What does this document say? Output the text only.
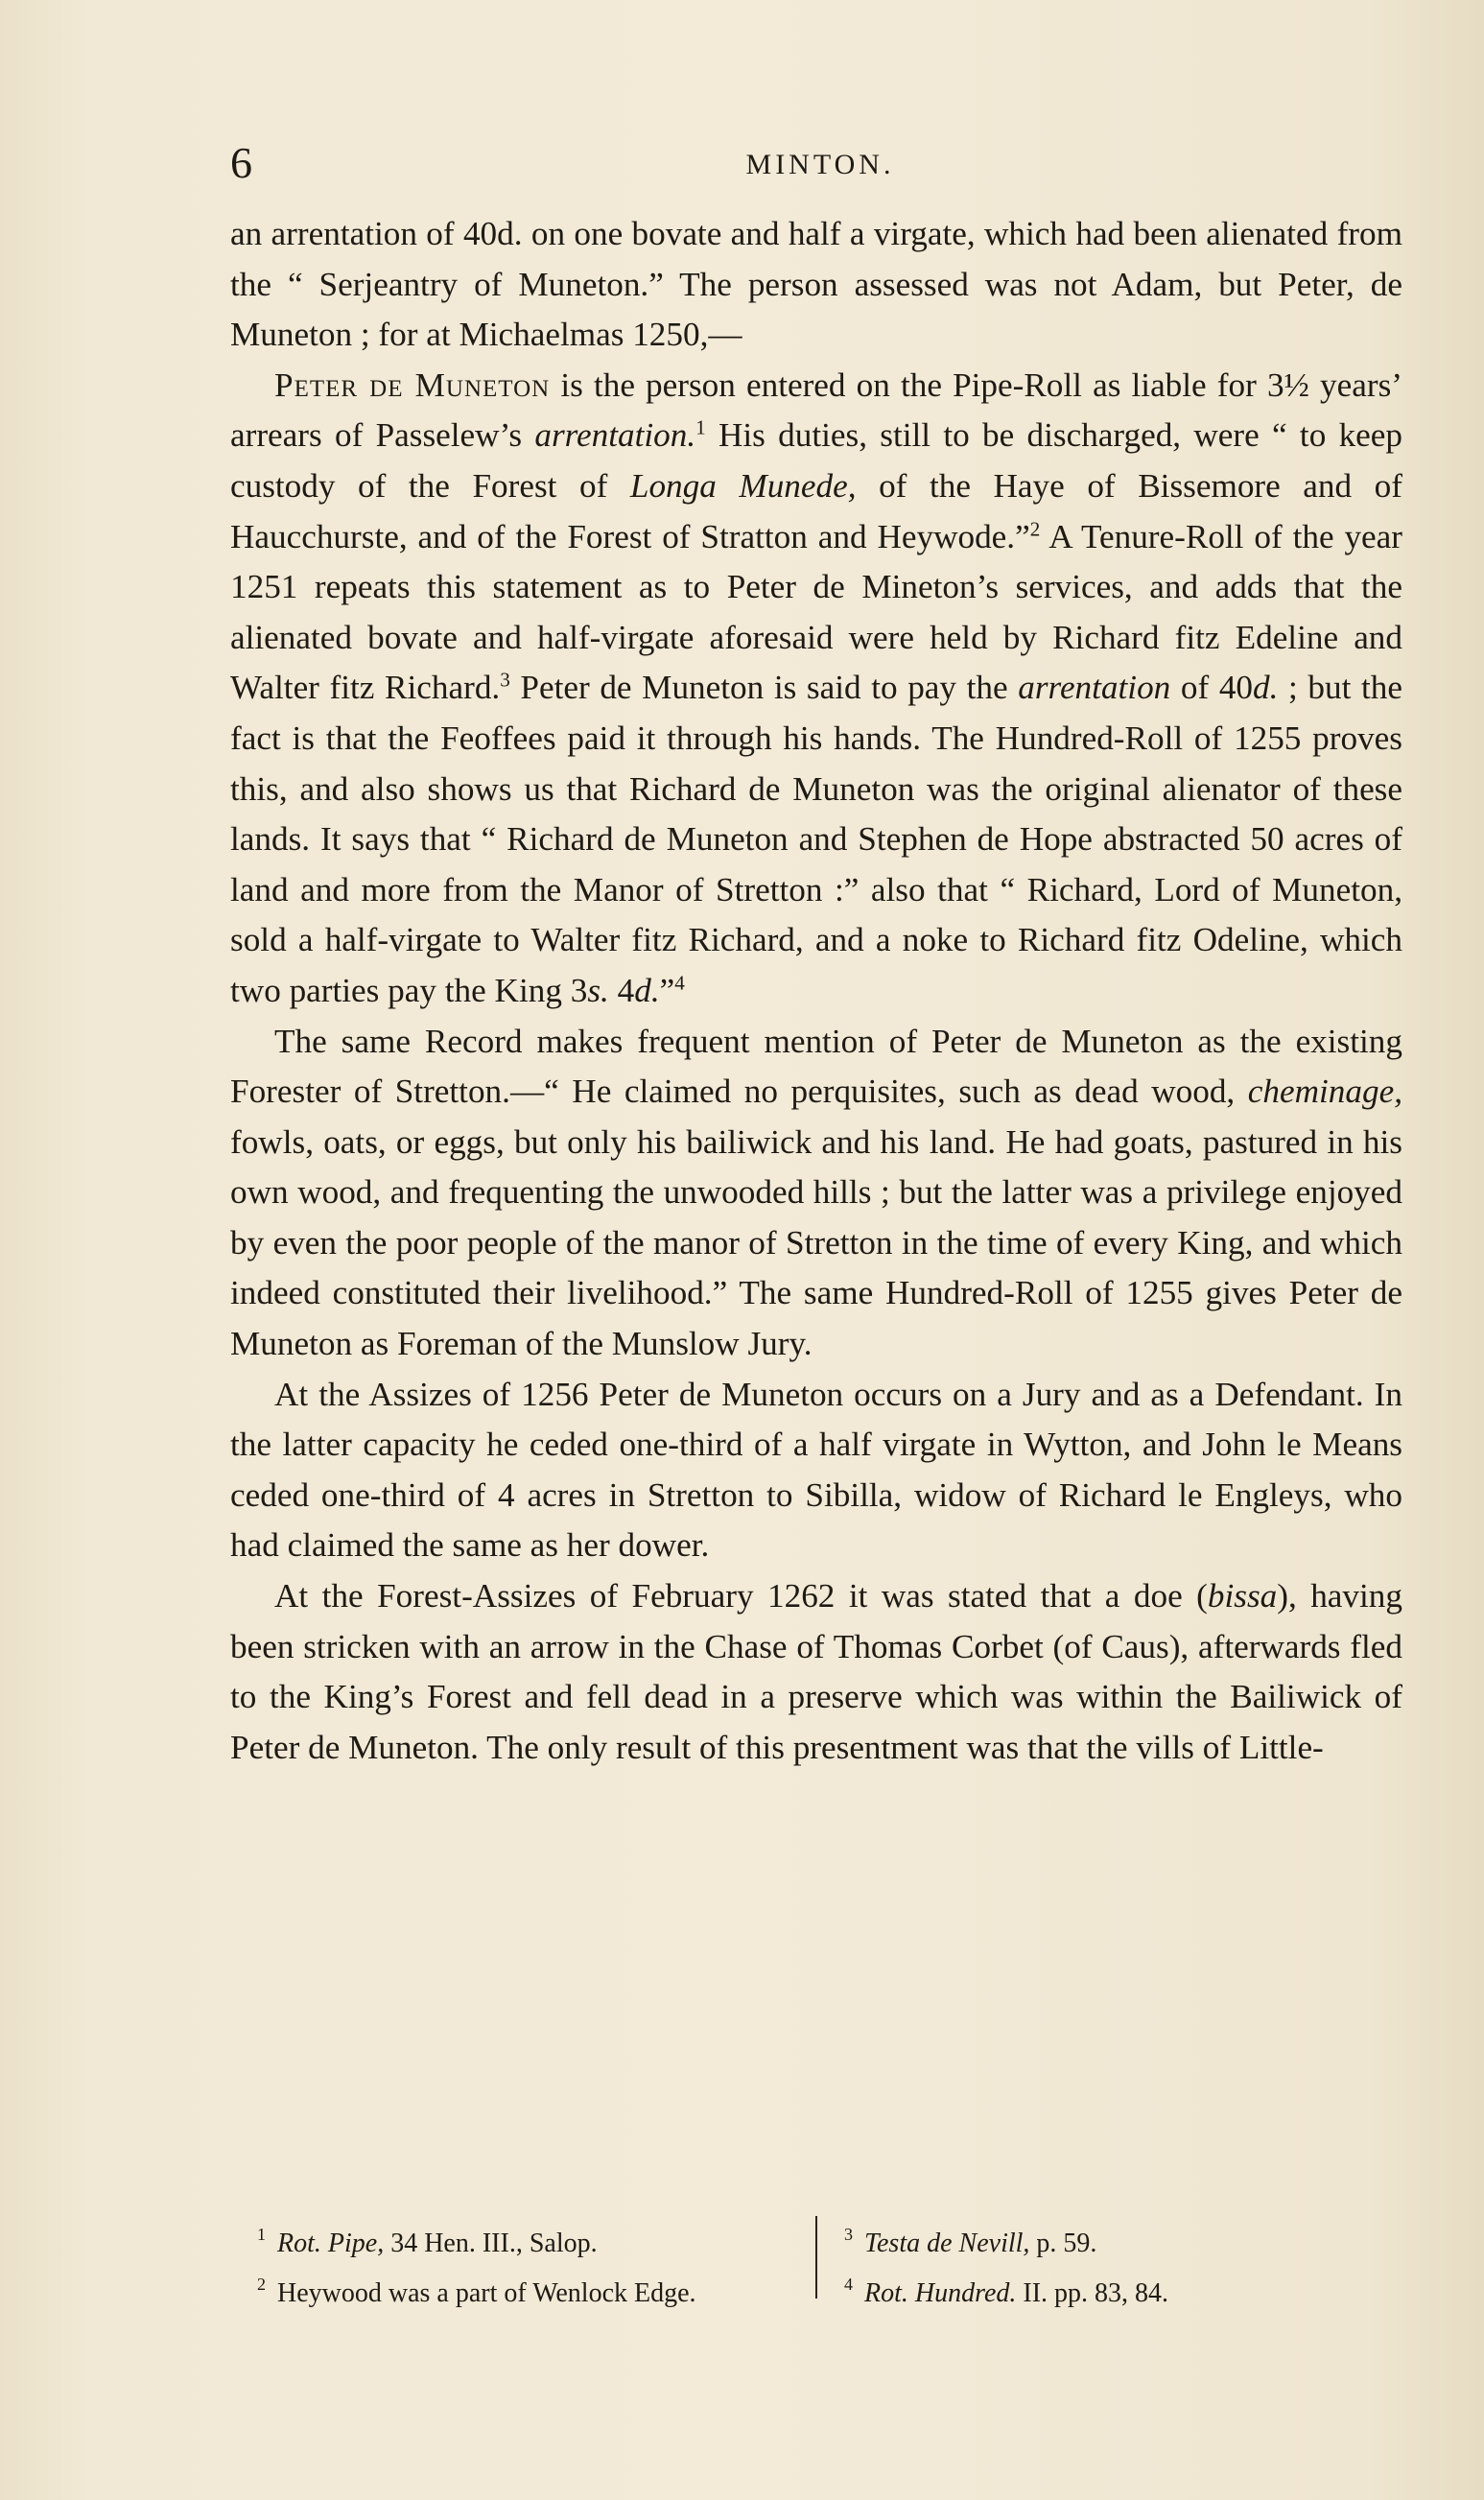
6	MINTON.

an arrentation of 40d. on one bovate and half a virgate, which had been alienated from the “ Serjeantry of Muneton.” The person assessed was not Adam, but Peter, de Muneton ; for at Michaelmas 1250,—

Peter de Muneton is the person entered on the Pipe-Roll as liable for 3½ years’ arrears of Passelew’s arrentation.$^1$ His duties, still to be discharged, were “ to keep custody of the Forest of Longa Munede, of the Haye of Bissemore and of Haucchurste, and of the Forest of Stratton and Heywode.”$^2$ A Tenure-Roll of the year 1251 repeats this statement as to Peter de Mineton’s services, and adds that the alienated bovate and half-virgate aforesaid were held by Richard fitz Edeline and Walter fitz Richard.$^3$ Peter de Muneton is said to pay the arrentation of 40d. ; but the fact is that the Feoffees paid it through his hands. The Hundred-Roll of 1255 proves this, and also shows us that Richard de Muneton was the original alienator of these lands. It says that “ Richard de Muneton and Stephen de Hope abstracted 50 acres of land and more from the Manor of Stretton :” also that “ Richard, Lord of Muneton, sold a half-virgate to Walter fitz Richard, and a noke to Richard fitz Odeline, which two parties pay the King 3s. 4d.”$^4$

The same Record makes frequent mention of Peter de Muneton as the existing Forester of Stretton.—“ He claimed no perquisites, such as dead wood, cheminage, fowls, oats, or eggs, but only his bailiwick and his land. He had goats, pastured in his own wood, and frequenting the unwooded hills ; but the latter was a privilege enjoyed by even the poor people of the manor of Stretton in the time of every King, and which indeed constituted their livelihood.” The same Hundred-Roll of 1255 gives Peter de Muneton as Foreman of the Munslow Jury.

At the Assizes of 1256 Peter de Muneton occurs on a Jury and as a Defendant. In the latter capacity he ceded one-third of a half virgate in Wytton, and John le Means ceded one-third of 4 acres in Stretton to Sibilla, widow of Richard le Engleys, who had claimed the same as her dower.

At the Forest-Assizes of February 1262 it was stated that a doe (bissa), having been stricken with an arrow in the Chase of Thomas Corbet (of Caus), afterwards fled to the King’s Forest and fell dead in a preserve which was within the Bailiwick of Peter de Muneton. The only result of this presentment was that the vills of Little-

$^1$ Rot. Pipe, 34 Hen. III., Salop.
$^2$ Heywood was a part of Wenlock Edge.
$^3$ Testa de Nevill, p. 59.
$^4$ Rot. Hundred. II. pp. 83, 84.
